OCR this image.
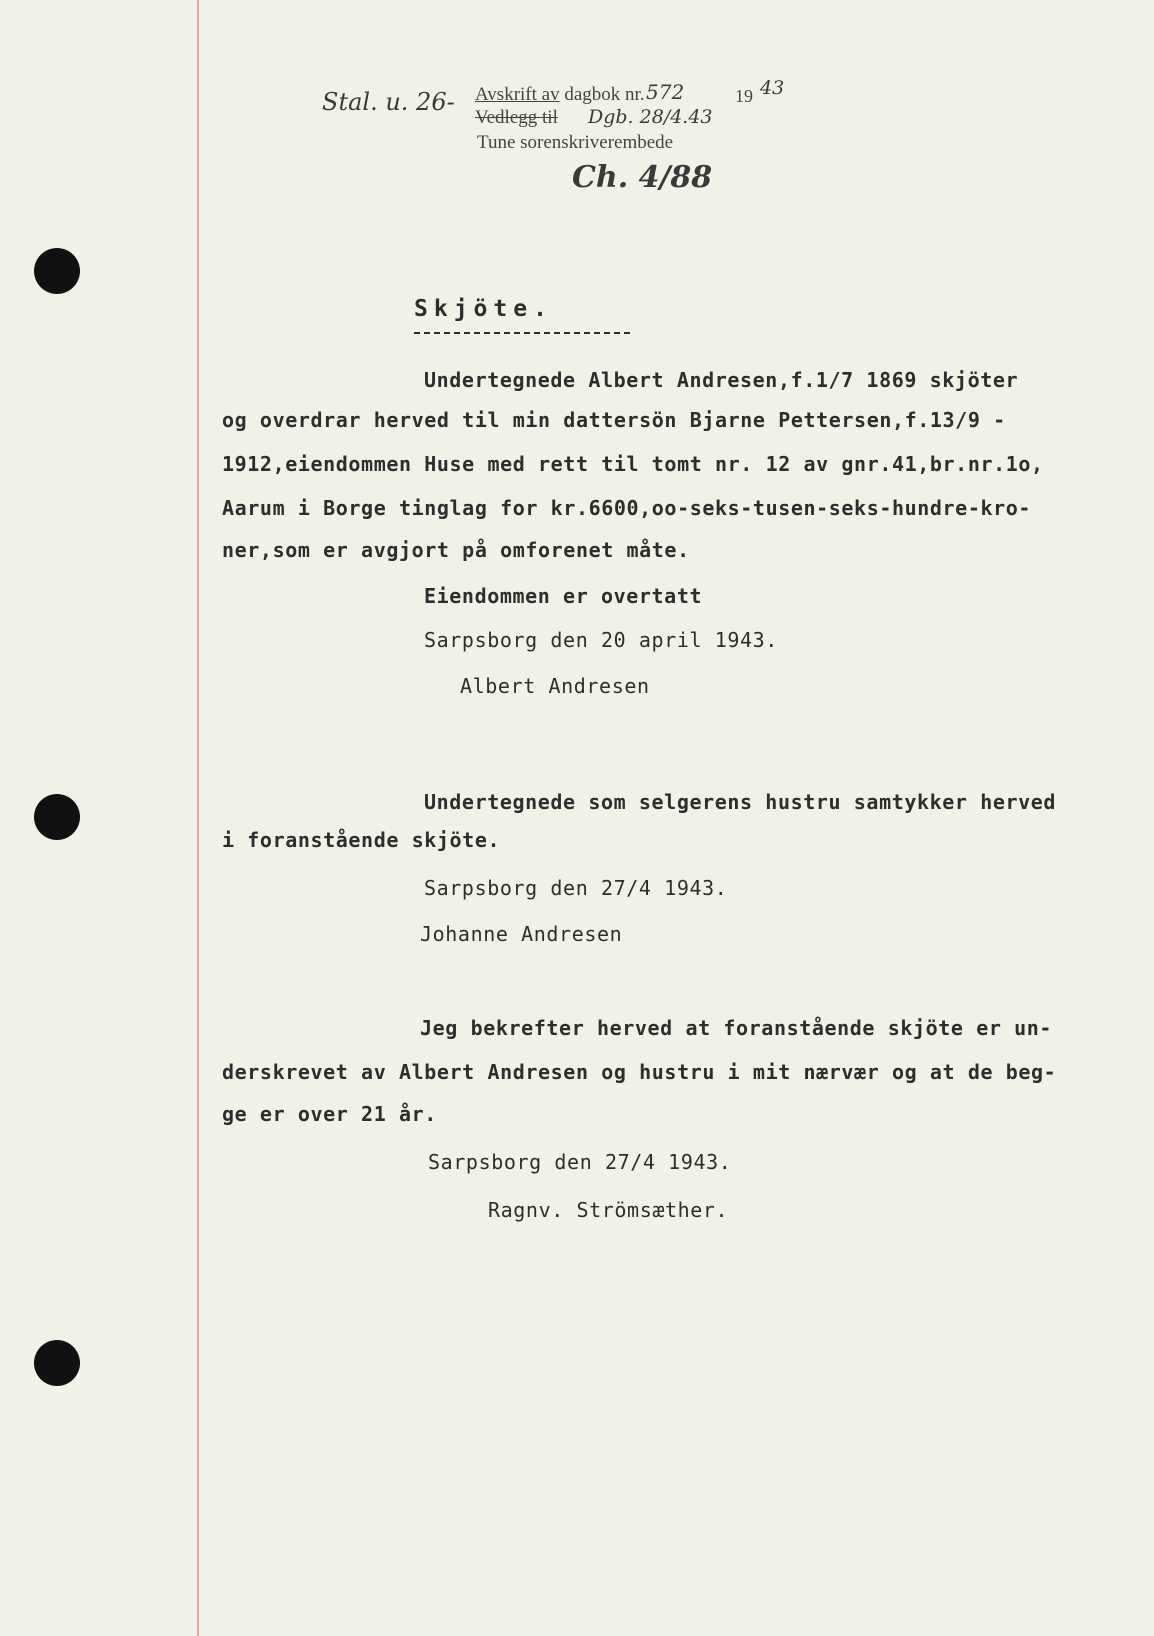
Avskrift av dagbok nr.
Vedlegg til
Tune sorenskriverembede
19
Stal. u. 26-	572	43
Dgb. 28/4.43
Ch. 4/88
Skjöte.
Undertegnede Albert Andresen,f.1/7 1869 skjöter
og overdrar herved til min dattersön Bjarne Pettersen,f.13/9 -
1912,eiendommen Huse med rett til tomt nr. 12 av gnr.41,br.nr.1o,
Aarum i Borge tinglag for kr.6600,oo-seks-tusen-seks-hundre-kro-
ner,som er avgjort på omforenet måte.
Eiendommen er overtatt
Sarpsborg den 20 april 1943.
Albert Andresen
Undertegnede som selgerens hustru samtykker herved
i foranstående skjöte.
Sarpsborg den 27/4 1943.
Johanne Andresen
Jeg bekrefter herved at foranstående skjöte er un-
derskrevet av Albert Andresen og hustru i mit nærvær og at de beg-
ge er over 21 år.
Sarpsborg den 27/4 1943.
Ragnv. Strömsæther.
